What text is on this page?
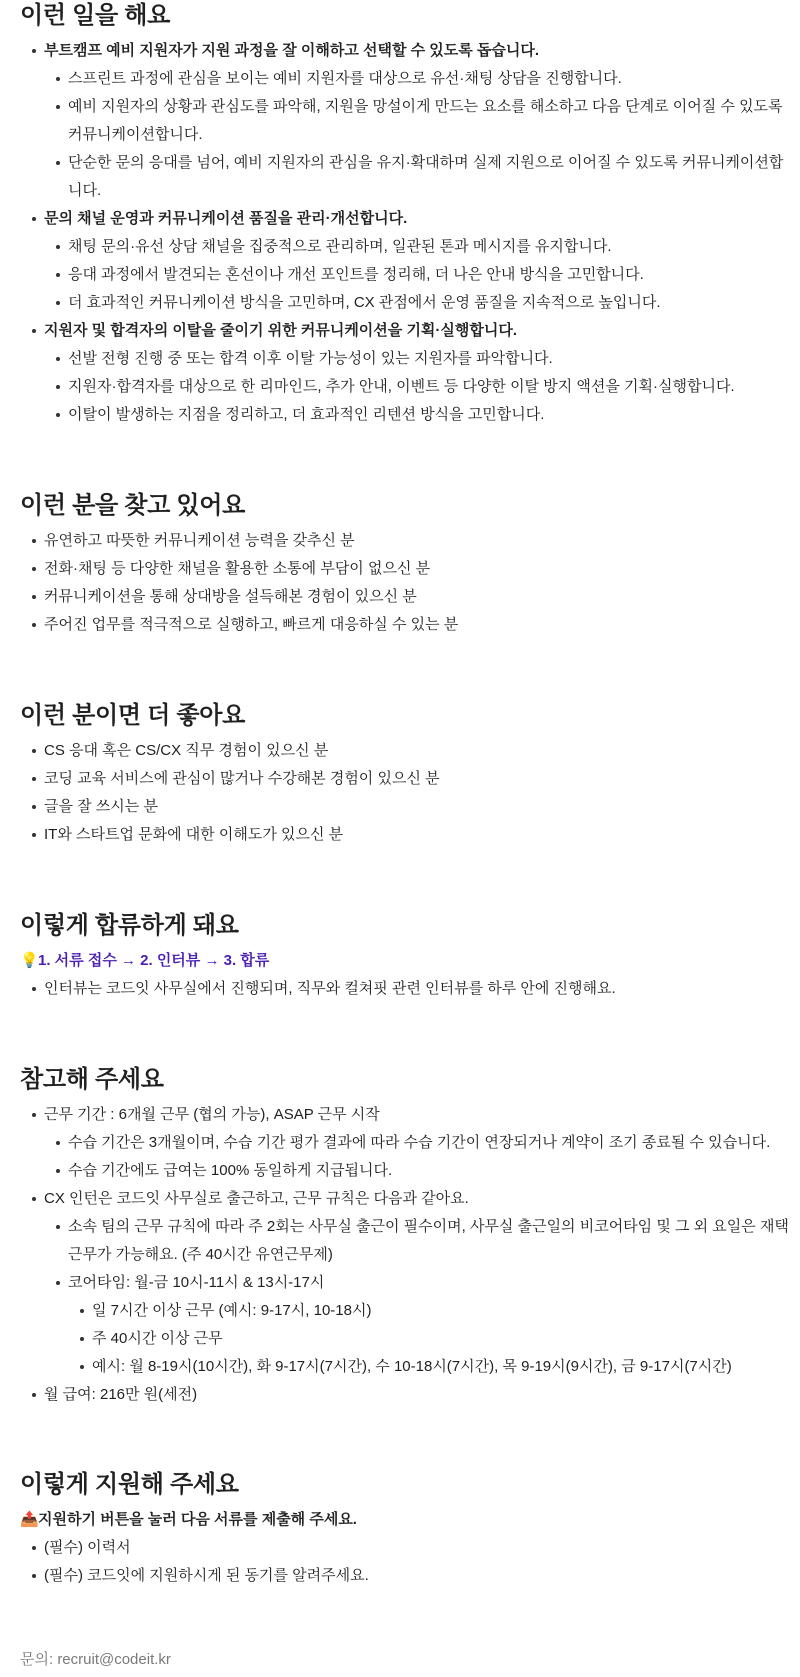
이런 일을 해요
부트캠프 예비 지원자가 지원 과정을 잘 이해하고 선택할 수 있도록 돕습니다.
스프린트 과정에 관심을 보이는 예비 지원자를 대상으로 유선·채팅 상담을 진행합니다.
예비 지원자의 상황과 관심도를 파악해, 지원을 망설이게 만드는 요소를 해소하고 다음 단계로 이어질 수 있도록 커뮤니케이션합니다.
단순한 문의 응대를 넘어, 예비 지원자의 관심을 유지·확대하며 실제 지원으로 이어질 수 있도록 커뮤니케이션합니다.
문의 채널 운영과 커뮤니케이션 품질을 관리·개선합니다.
채팅 문의·유선 상담 채널을 집중적으로 관리하며, 일관된 톤과 메시지를 유지합니다.
응대 과정에서 발견되는 혼선이나 개선 포인트를 정리해, 더 나은 안내 방식을 고민합니다.
더 효과적인 커뮤니케이션 방식을 고민하며, CX 관점에서 운영 품질을 지속적으로 높입니다.
지원자 및 합격자의 이탈을 줄이기 위한 커뮤니케이션을 기획·실행합니다.
선발 전형 진행 중 또는 합격 이후 이탈 가능성이 있는 지원자를 파악합니다.
지원자·합격자를 대상으로 한 리마인드, 추가 안내, 이벤트 등 다양한 이탈 방지 액션을 기획·실행합니다.
이탈이 발생하는 지점을 정리하고, 더 효과적인 리텐션 방식을 고민합니다.
이런 분을 찾고 있어요
유연하고 따뜻한 커뮤니케이션 능력을 갖추신 분
전화·채팅 등 다양한 채널을 활용한 소통에 부담이 없으신 분
커뮤니케이션을 통해 상대방을 설득해본 경험이 있으신 분
주어진 업무를 적극적으로 실행하고, 빠르게 대응하실 수 있는 분
이런 분이면 더 좋아요
CS 응대 혹은 CS/CX 직무 경험이 있으신 분
코딩 교육 서비스에 관심이 많거나 수강해본 경험이 있으신 분
글을 잘 쓰시는 분
IT와 스타트업 문화에 대한 이해도가 있으신 분
이렇게 합류하게 돼요
💡1. 서류 접수 → 2. 인터뷰 → 3. 합류
인터뷰는 코드잇 사무실에서 진행되며, 직무와 컬쳐핏 관련 인터뷰를 하루 안에 진행해요.
참고해 주세요
근무 기간 : 6개월 근무 (협의 가능), ASAP 근무 시작
수습 기간은 3개월이며, 수습 기간 평가 결과에 따라 수습 기간이 연장되거나 계약이 조기 종료될 수 있습니다.
수습 기간에도 급여는 100% 동일하게 지급됩니다.
CX 인턴은 코드잇 사무실로 출근하고, 근무 규칙은 다음과 같아요.
소속 팀의 근무 규칙에 따라 주 2회는 사무실 출근이 필수이며, 사무실 출근일의 비코어타임 및 그 외 요일은 재택근무가 가능해요. (주 40시간 유연근무제)
코어타임: 월-금 10시-11시 & 13시-17시
일 7시간 이상 근무 (예시: 9-17시, 10-18시)
주 40시간 이상 근무
예시: 월 8-19시(10시간), 화 9-17시(7시간), 수 10-18시(7시간), 목 9-19시(9시간), 금 9-17시(7시간)
월 급여: 216만 원(세전)
이렇게 지원해 주세요
📤지원하기 버튼을 눌러 다음 서류를 제출해 주세요.
(필수) 이력서
(필수) 코드잇에 지원하시게 된 동기를 알려주세요.
문의: recruit@codeit.kr
